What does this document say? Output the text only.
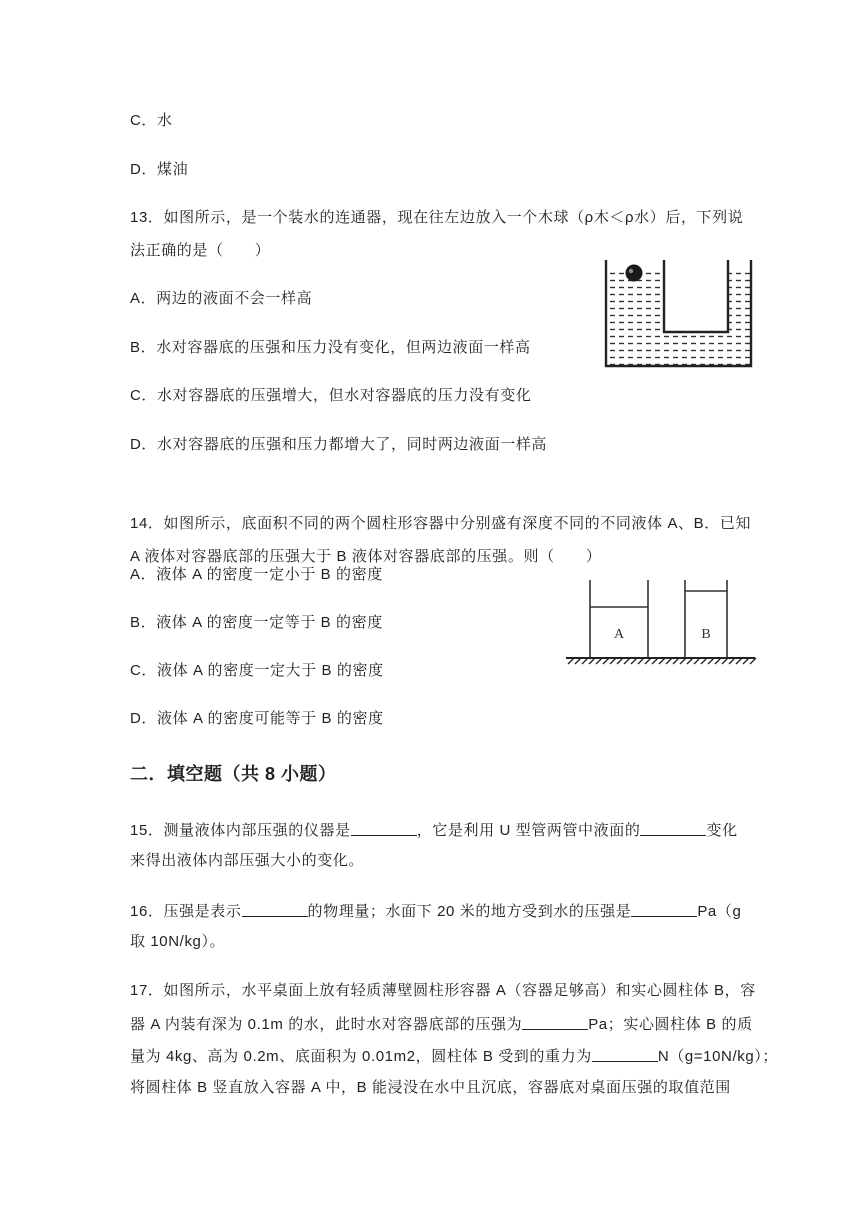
C．水
D．煤油
13．如图所示，是一个装水的连通器，现在往左边放入一个木球（ρ木＜ρ水）后，下列说
法正确的是（　　）
A．两边的液面不会一样高
B．水对容器底的压强和压力没有变化，但两边液面一样高
C．水对容器底的压强增大，但水对容器底的压力没有变化
D．水对容器底的压强和压力都增大了，同时两边液面一样高
14．如图所示，底面积不同的两个圆柱形容器中分别盛有深度不同的不同液体 A、B．已知
A 液体对容器底部的压强大于 B 液体对容器底部的压强。则（　　）
A．液体 A 的密度一定小于 B 的密度
B．液体 A 的密度一定等于 B 的密度
C．液体 A 的密度一定大于 B 的密度
D．液体 A 的密度可能等于 B 的密度
A	B
二．填空题（共 8 小题）
15．测量液体内部压强的仪器是	，它是利用 U 型管两管中液面的	变化
来得出液体内部压强大小的变化。
16．压强是表示	的物理量；水面下 20 米的地方受到水的压强是	Pa（g
取 10N/kg）。
17．如图所示，水平桌面上放有轻质薄壁圆柱形容器 A（容器足够高）和实心圆柱体 B，容
器 A 内装有深为 0.1m 的水，此时水对容器底部的压强为	Pa；实心圆柱体 B 的质
量为 4kg、高为 0.2m、底面积为 0.01m2，圆柱体 B 受到的重力为	N（g=10N/kg）；
将圆柱体 B 竖直放入容器 A 中，B 能浸没在水中且沉底，容器底对桌面压强的取值范围
